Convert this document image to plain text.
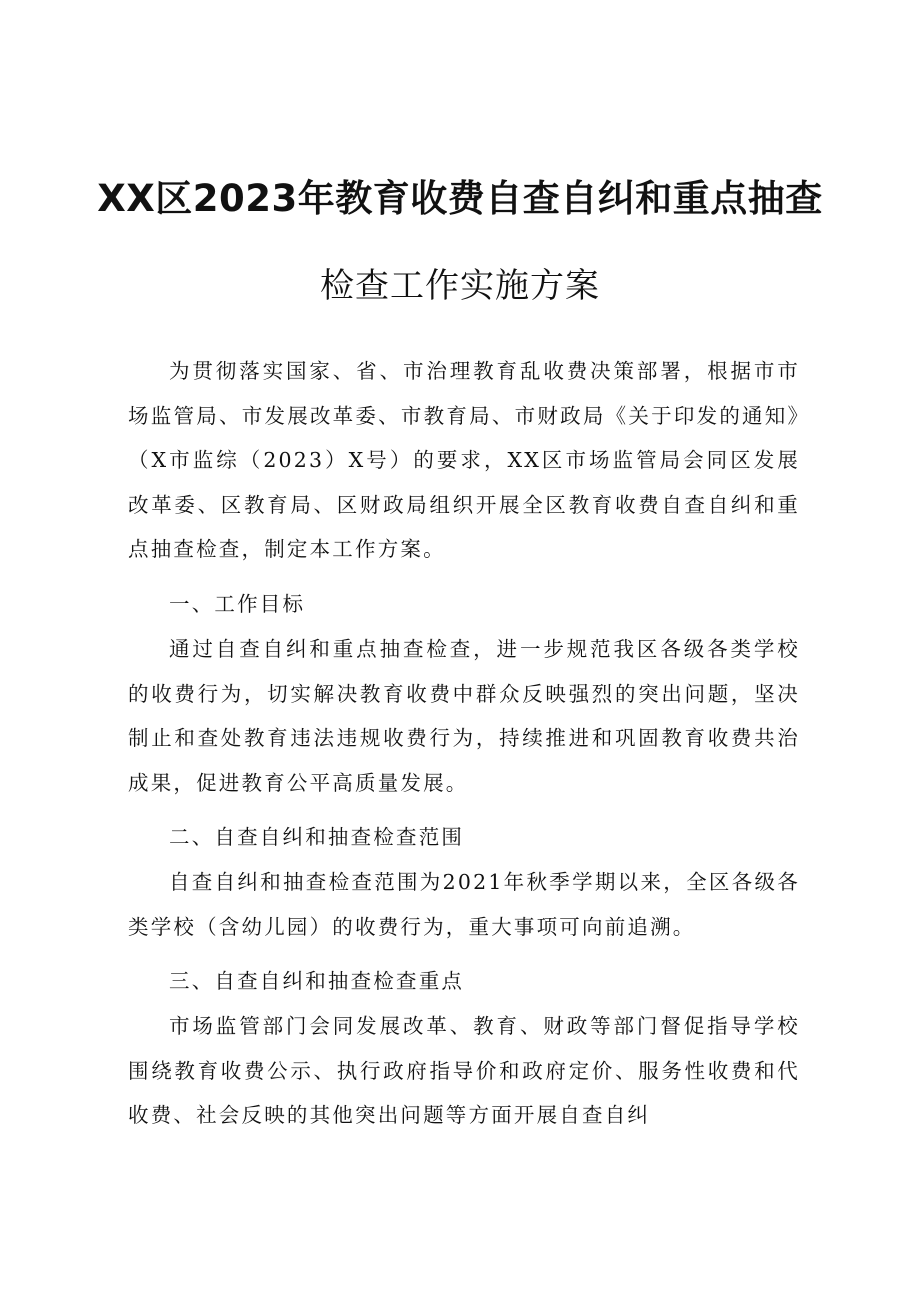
XX区2023年教育收费自查自纠和重点抽查
检查工作实施方案

为贯彻落实国家、省、市治理教育乱收费决策部署，根据市市场监管局、市发展改革委、市教育局、市财政局《关于印发的通知》（X市监综（2023）X号）的要求，XX区市场监管局会同区发展改革委、区教育局、区财政局组织开展全区教育收费自查自纠和重点抽查检查，制定本工作方案。

一、工作目标

通过自查自纠和重点抽查检查，进一步规范我区各级各类学校的收费行为，切实解决教育收费中群众反映强烈的突出问题，坚决制止和查处教育违法违规收费行为，持续推进和巩固教育收费共治成果，促进教育公平高质量发展。

二、自查自纠和抽查检查范围

自查自纠和抽查检查范围为2021年秋季学期以来，全区各级各类学校（含幼儿园）的收费行为，重大事项可向前追溯。

三、自查自纠和抽查检查重点

市场监管部门会同发展改革、教育、财政等部门督促指导学校围绕教育收费公示、执行政府指导价和政府定价、服务性收费和代收费、社会反映的其他突出问题等方面开展自查自纠
